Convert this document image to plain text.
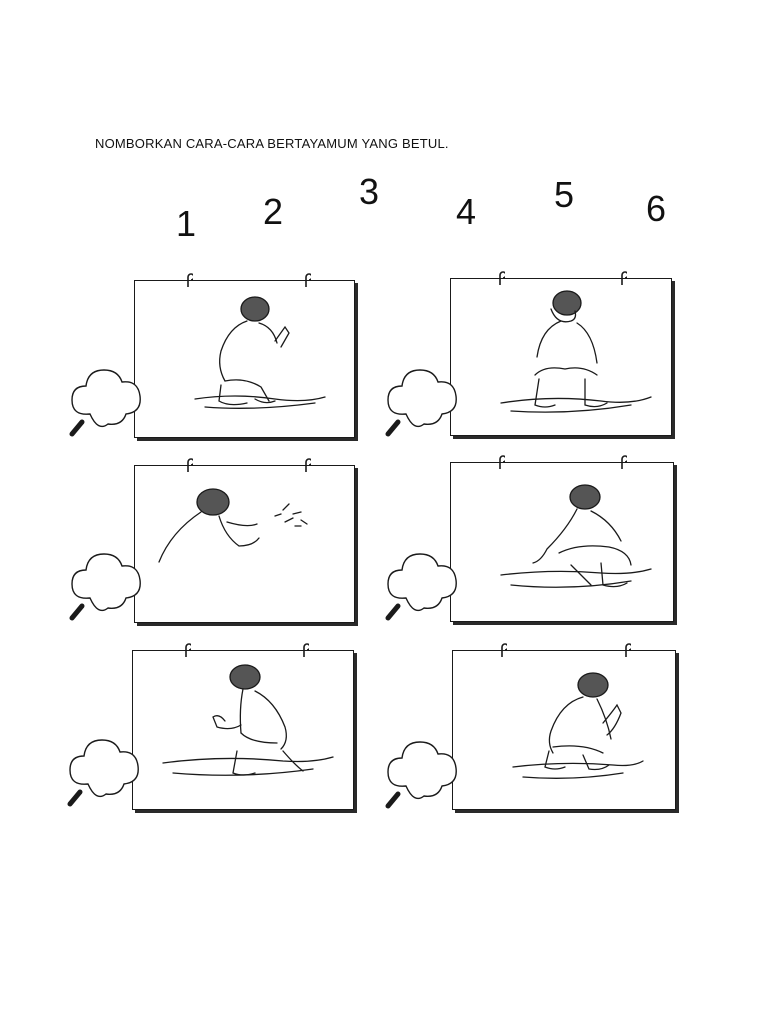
NOMBORKAN CARA-CARA BERTAYAMUM YANG BETUL.
1 2 3 4 5 6
